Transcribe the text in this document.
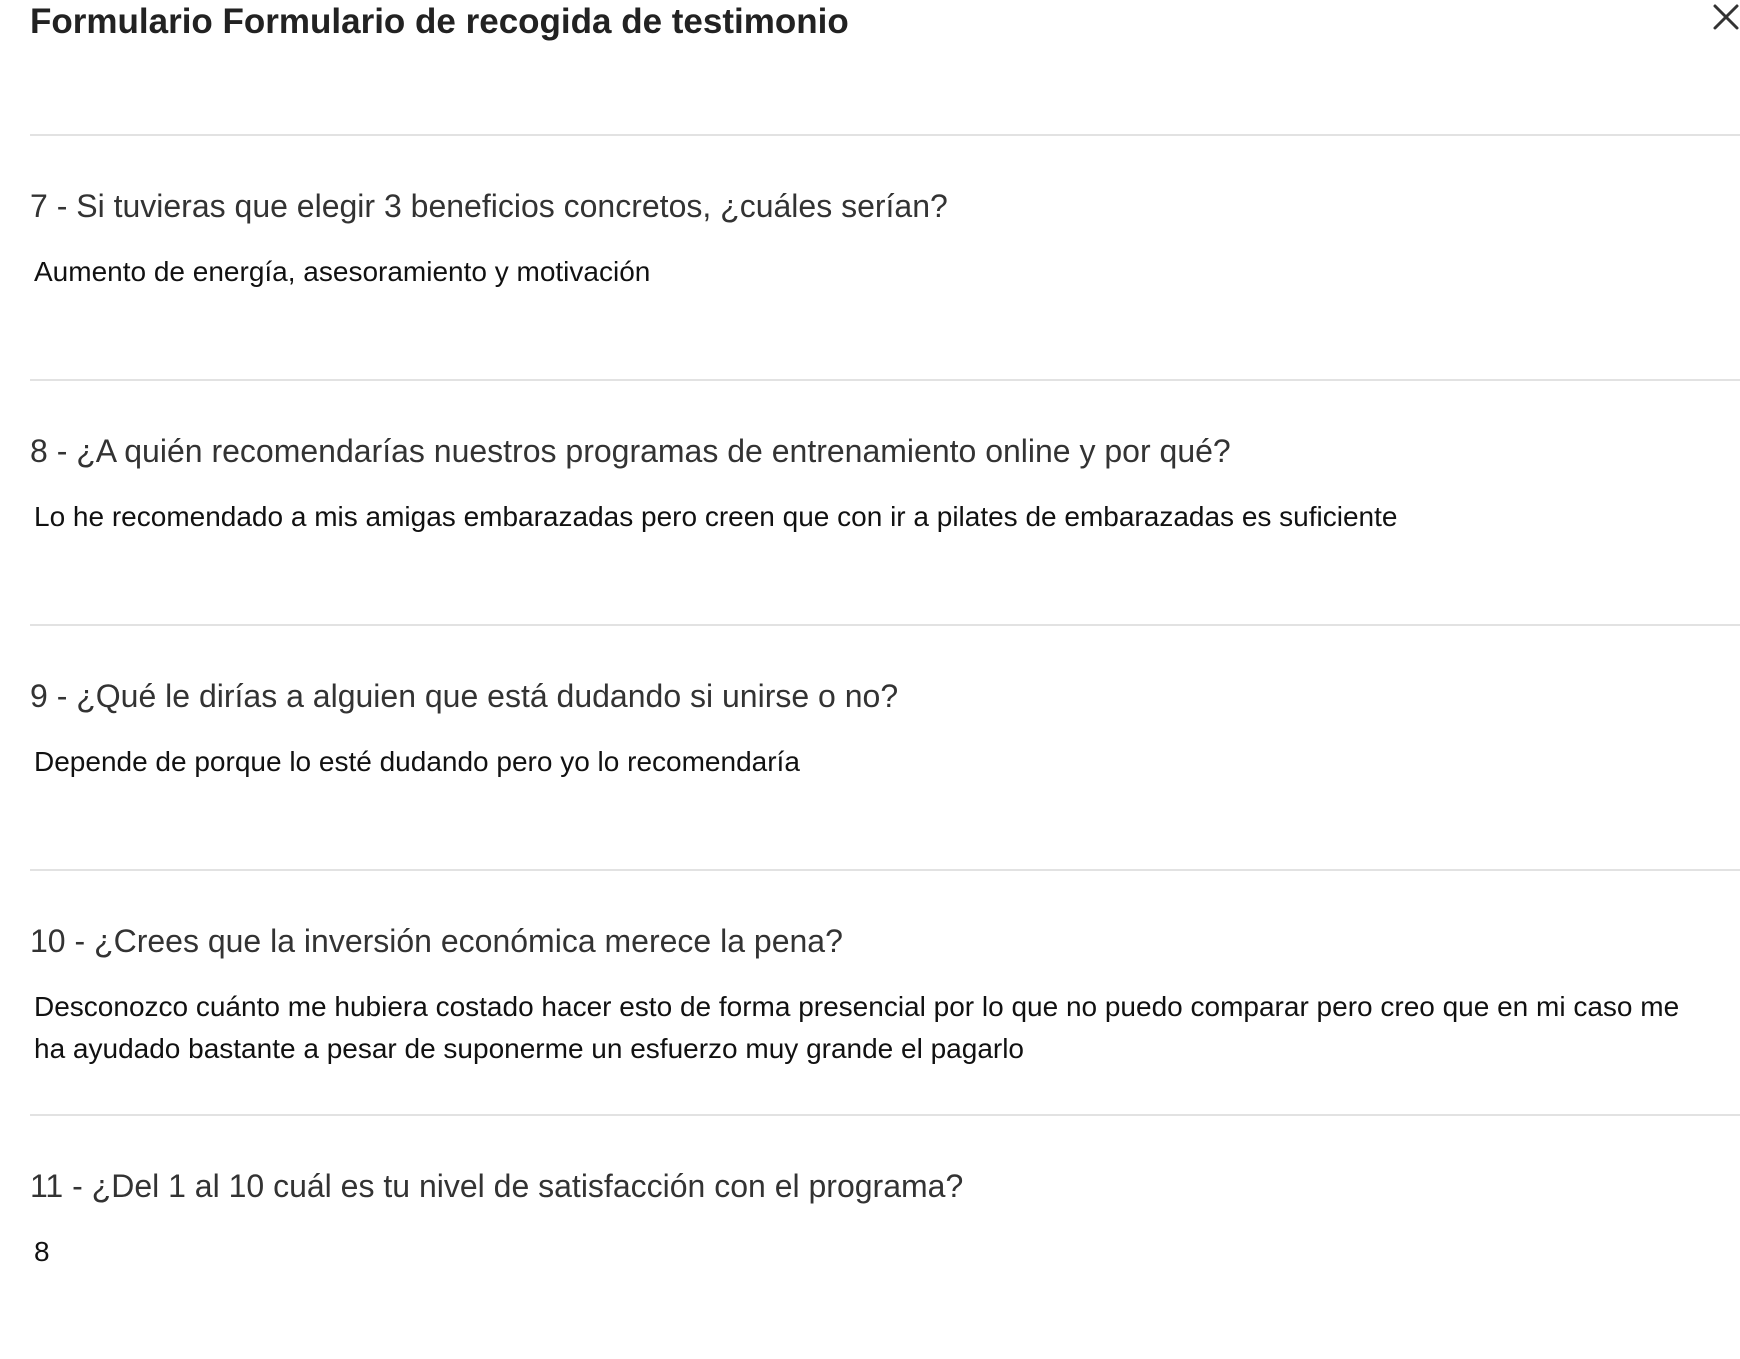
Formulario Formulario de recogida de testimonio
7 - Si tuvieras que elegir 3 beneficios concretos, ¿cuáles serían?

Aumento de energía, asesoramiento y motivación

8 - ¿A quién recomendarías nuestros programas de entrenamiento online y por qué?

Lo he recomendado a mis amigas embarazadas pero creen que con ir a pilates de embarazadas es suficiente

9 - ¿Qué le dirías a alguien que está dudando si unirse o no?

Depende de porque lo esté dudando pero yo lo recomendaría

10 - ¿Crees que la inversión económica merece la pena?

Desconozco cuánto me hubiera costado hacer esto de forma presencial por lo que no puedo comparar pero creo que en mi caso me ha ayudado bastante a pesar de suponerme un esfuerzo muy grande el pagarlo

11 - ¿Del 1 al 10 cuál es tu nivel de satisfacción con el programa?

8
